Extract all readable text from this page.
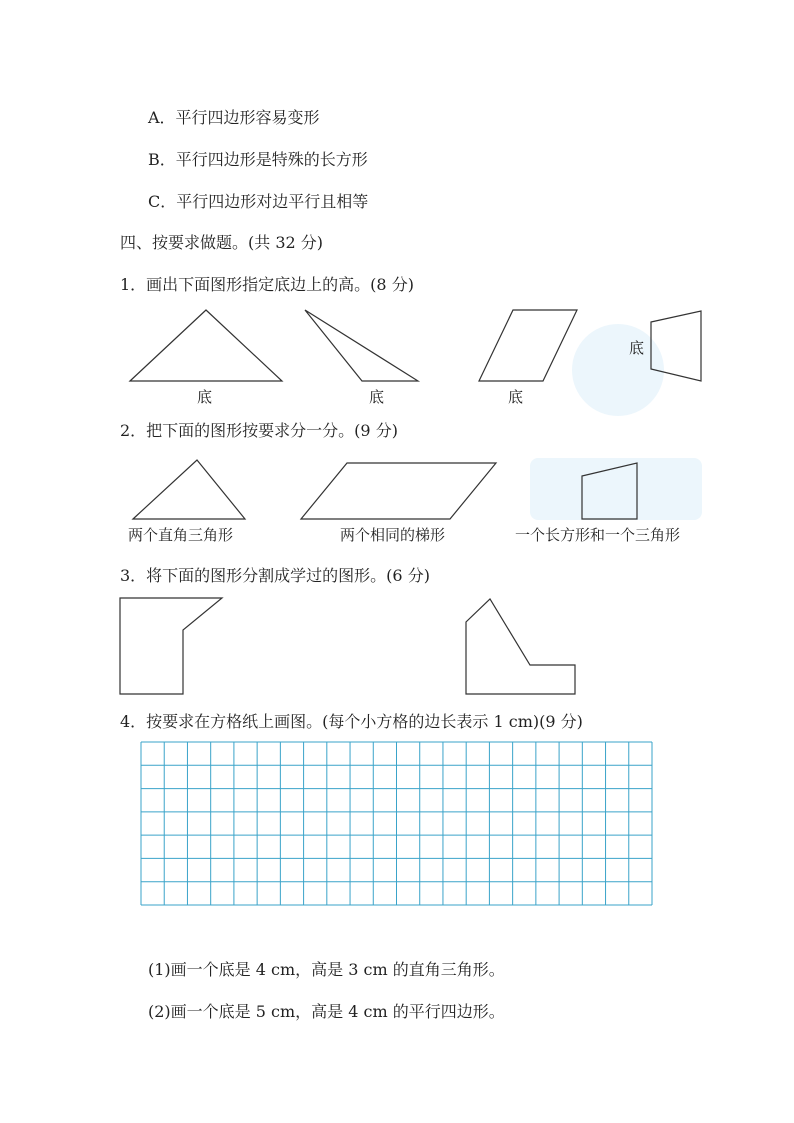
A．平行四边形容易变形
B．平行四边形是特殊的长方形
C．平行四边形对边平行且相等
四、按要求做题。(共 32 分)
1．画出下面图形指定底边上的高。(8 分)
底	底	底
底
2．把下面的图形按要求分一分。(9 分)
两个直角三角形	两个相同的梯形	一个长方形和一个三角形
3．将下面的图形分割成学过的图形。(6 分)
4．按要求在方格纸上画图。(每个小方格的边长表示 1 cm)(9 分)
(1)画一个底是 4 cm，高是 3 cm 的直角三角形。
(2)画一个底是 5 cm，高是 4 cm 的平行四边形。
